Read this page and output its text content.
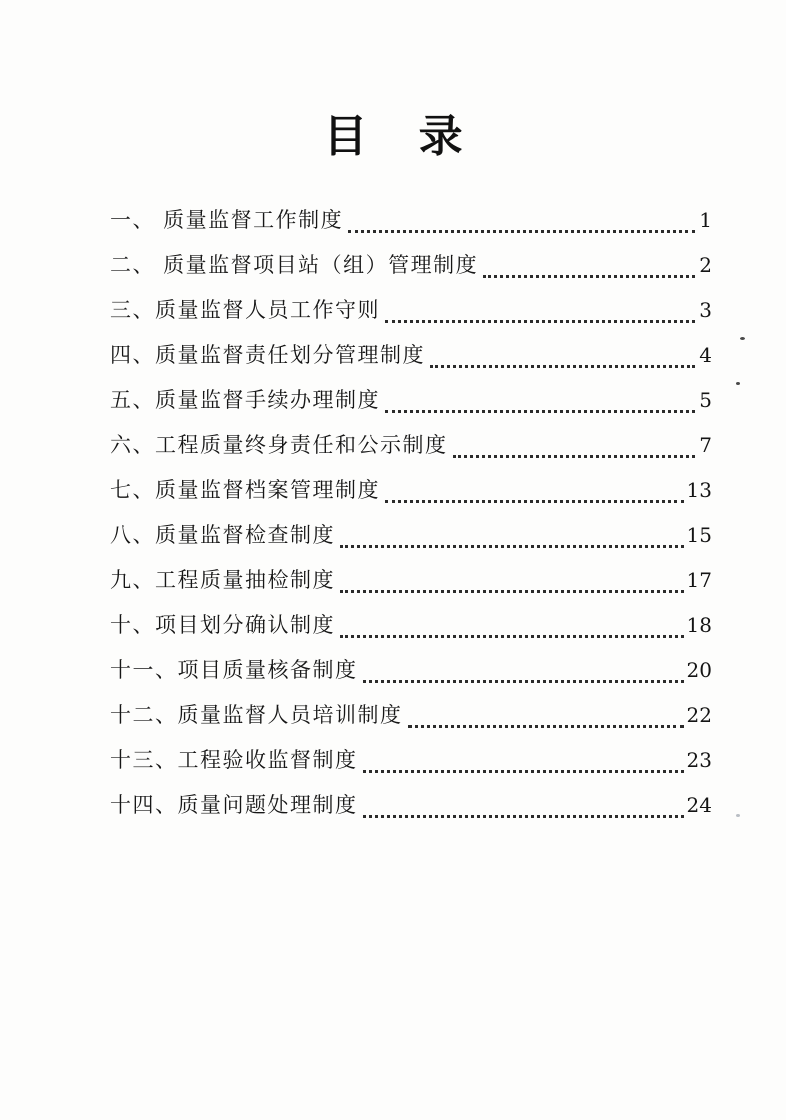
目 录
一、 质量监督工作制度	1
二、 质量监督项目站（组）管理制度	2
三、质量监督人员工作守则	3
四、质量监督责任划分管理制度	4
五、质量监督手续办理制度	5
六、工程质量终身责任和公示制度	7
七、质量监督档案管理制度	13
八、质量监督检查制度	15
九、工程质量抽检制度	17
十、项目划分确认制度	18
十一、项目质量核备制度	20
十二、质量监督人员培训制度	22
十三、工程验收监督制度	23
十四、质量问题处理制度	24
